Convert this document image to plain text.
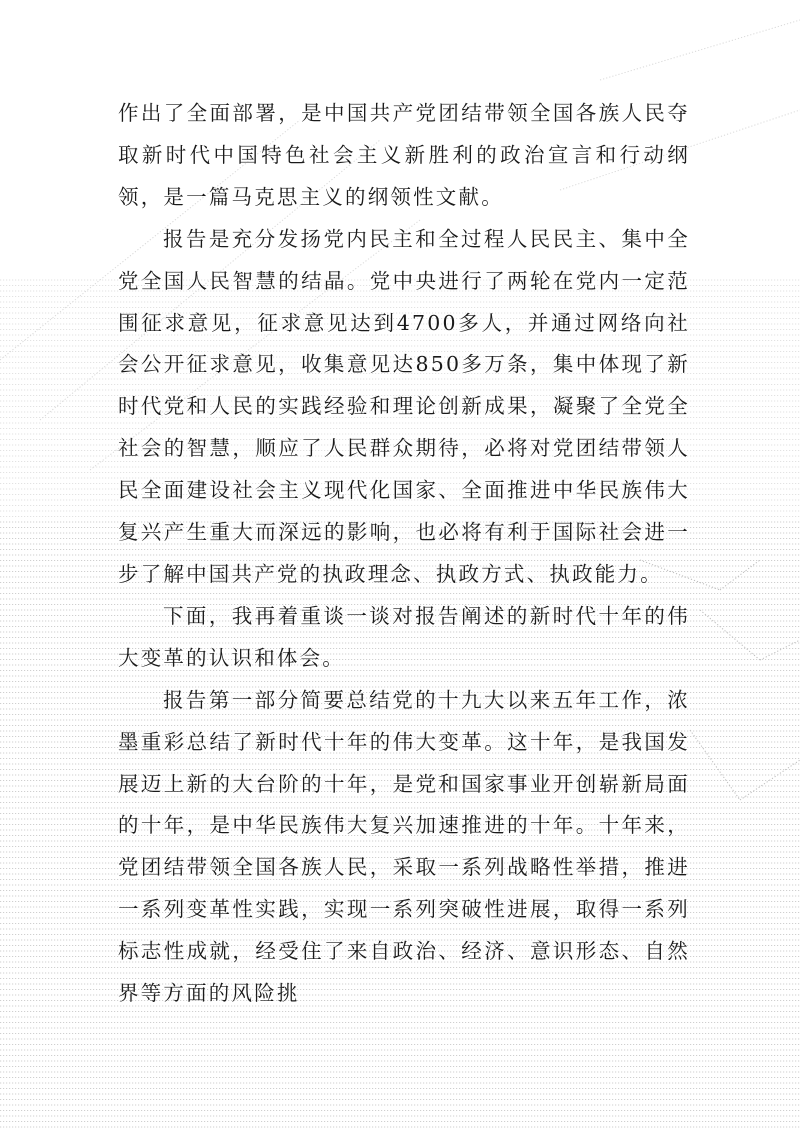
作出了全面部署，是中国共产党团结带领全国各族人民夺取新时代中国特色社会主义新胜利的政治宣言和行动纲领，是一篇马克思主义的纲领性文献。

报告是充分发扬党内民主和全过程人民民主、集中全党全国人民智慧的结晶。党中央进行了两轮在党内一定范围征求意见，征求意见达到4700多人，并通过网络向社会公开征求意见，收集意见达850多万条，集中体现了新时代党和人民的实践经验和理论创新成果，凝聚了全党全社会的智慧，顺应了人民群众期待，必将对党团结带领人民全面建设社会主义现代化国家、全面推进中华民族伟大复兴产生重大而深远的影响，也必将有利于国际社会进一步了解中国共产党的执政理念、执政方式、执政能力。

下面，我再着重谈一谈对报告阐述的新时代十年的伟大变革的认识和体会。

报告第一部分简要总结党的十九大以来五年工作，浓墨重彩总结了新时代十年的伟大变革。这十年，是我国发展迈上新的大台阶的十年，是党和国家事业开创崭新局面的十年，是中华民族伟大复兴加速推进的十年。十年来，党团结带领全国各族人民，采取一系列战略性举措，推进一系列变革性实践，实现一系列突破性进展，取得一系列标志性成就，经受住了来自政治、经济、意识形态、自然界等方面的风险挑
